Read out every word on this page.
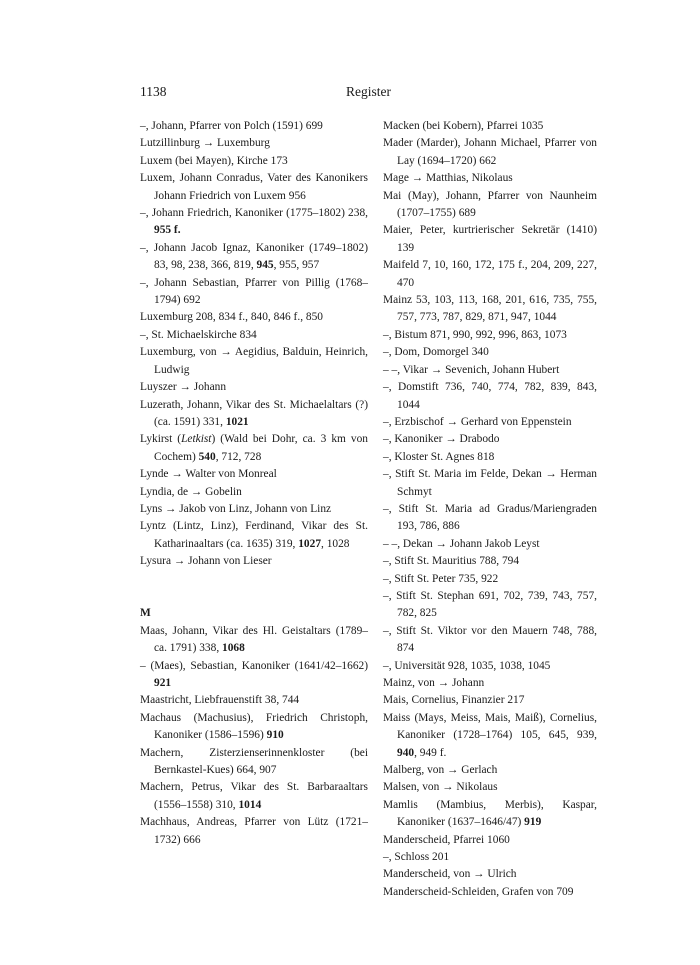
1138	Register

–, Johann, Pfarrer von Polch (1591) 699

Lutzillinburg → Luxemburg

Luxem (bei Mayen), Kirche 173

Luxem, Johann Conradus, Vater des Kanonikers Johann Friedrich von Luxem 956

–, Johann Friedrich, Kanoniker (1775–1802) 238, 955 f.

–, Johann Jacob Ignaz, Kanoniker (1749–1802) 83, 98, 238, 366, 819, 945, 955, 957

–, Johann Sebastian, Pfarrer von Pillig (1768–1794) 692

Luxemburg 208, 834 f., 840, 846 f., 850

–, St. Michaelskirche 834

Luxemburg, von → Aegidius, Balduin, Heinrich, Ludwig

Luyszer → Johann

Luzerath, Johann, Vikar des St. Michaelaltars (?) (ca. 1591) 331, 1021

Lykirst (Letkist) (Wald bei Dohr, ca. 3 km von Cochem) 540, 712, 728

Lynde → Walter von Monreal

Lyndia, de → Gobelin

Lyns → Jakob von Linz, Johann von Linz

Lyntz (Lintz, Linz), Ferdinand, Vikar des St. Katharinaaltars (ca. 1635) 319, 1027, 1028

Lysura → Johann von Lieser

M

Maas, Johann, Vikar des Hl. Geistaltars (1789–ca. 1791) 338, 1068

– (Maes), Sebastian, Kanoniker (1641/42–1662) 921

Maastricht, Liebfrauenstift 38, 744

Machaus (Machusius), Friedrich Christoph, Kanoniker (1586–1596) 910

Machern, Zisterzienserinnenkloster (bei Bernkastel-Kues) 664, 907

Machern, Petrus, Vikar des St. Barbaraaltars (1556–1558) 310, 1014

Machhaus, Andreas, Pfarrer von Lütz (1721–1732) 666

Macken (bei Kobern), Pfarrei 1035

Mader (Marder), Johann Michael, Pfarrer von Lay (1694–1720) 662

Mage → Matthias, Nikolaus

Mai (May), Johann, Pfarrer von Naunheim (1707–1755) 689

Maier, Peter, kurtrierischer Sekretär (1410) 139

Maifeld 7, 10, 160, 172, 175 f., 204, 209, 227, 470

Mainz 53, 103, 113, 168, 201, 616, 735, 755, 757, 773, 787, 829, 871, 947, 1044

–, Bistum 871, 990, 992, 996, 863, 1073

–, Dom, Domorgel 340

– –, Vikar → Sevenich, Johann Hubert

–, Domstift 736, 740, 774, 782, 839, 843, 1044

–, Erzbischof → Gerhard von Eppenstein

–, Kanoniker → Drabodo

–, Kloster St. Agnes 818

–, Stift St. Maria im Felde, Dekan → Herman Schmyt

–, Stift St. Maria ad Gradus/Mariengraden 193, 786, 886

– –, Dekan → Johann Jakob Leyst

–, Stift St. Mauritius 788, 794

–, Stift St. Peter 735, 922

–, Stift St. Stephan 691, 702, 739, 743, 757, 782, 825

–, Stift St. Viktor vor den Mauern 748, 788, 874

–, Universität 928, 1035, 1038, 1045

Mainz, von → Johann

Mais, Cornelius, Finanzier 217

Maiss (Mays, Meiss, Mais, Maiß), Cornelius, Kanoniker (1728–1764) 105, 645, 939, 940, 949 f.

Malberg, von → Gerlach

Malsen, von → Nikolaus

Mamlis (Mambius, Merbis), Kaspar, Kanoniker (1637–1646/47) 919

Manderscheid, Pfarrei 1060

–, Schloss 201

Manderscheid, von → Ulrich

Manderscheid-Schleiden, Grafen von 709
